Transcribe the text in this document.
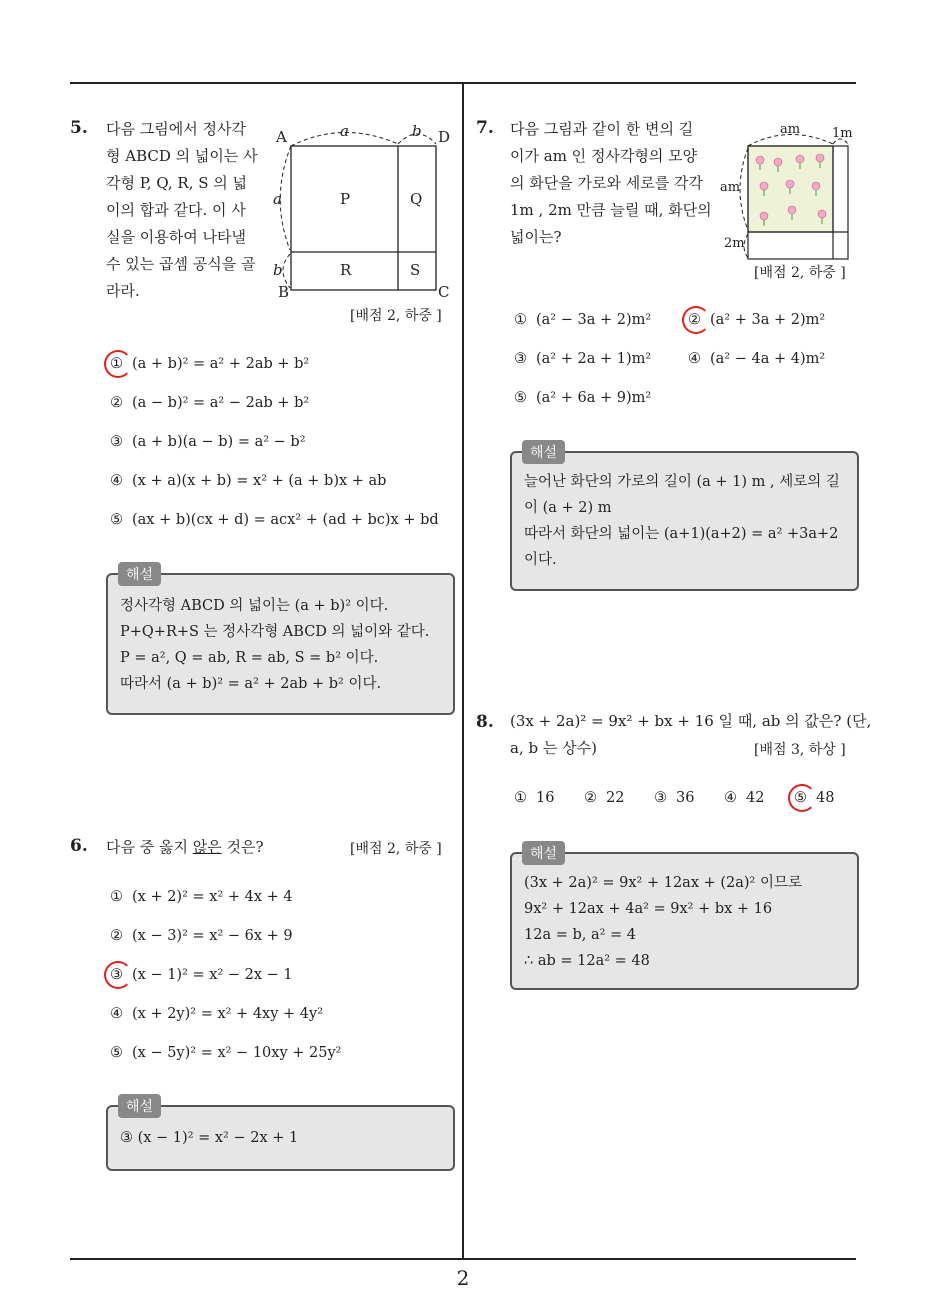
5. 다음 그림에서 정사각
형 ABCD 의 넓이는 사
각형 P, Q, R, S 의 넓
이의 합과 같다. 이 사
실을 이용하여 나타낼
수 있는 곱셈 공식을 골
라라.
A	D
B	C
a	b
a
b
P	Q
R	S
[배점 2, 하중 ]
① (a + b)² = a² + 2ab + b²
② (a − b)² = a² − 2ab + b²
③ (a + b)(a − b) = a² − b²
④ (x + a)(x + b) = x² + (a + b)x + ab
⑤ (ax + b)(cx + d) = acx² + (ad + bc)x + bd
정사각형 ABCD 의 넓이는 (a + b)² 이다.
P+Q+R+S 는 정사각형 ABCD 의 넓이와 같다.
P = a², Q = ab, R = ab, S = b² 이다.
따라서 (a + b)² = a² + 2ab + b² 이다.
해설
6. 다음 중 옳지 않은 것은?	[배점 2, 하중 ]
① (x + 2)² = x² + 4x + 4
② (x − 3)² = x² − 6x + 9
③ (x − 1)² = x² − 2x − 1
④ (x + 2y)² = x² + 4xy + 4y²
⑤ (x − 5y)² = x² − 10xy + 25y²
③ (x − 1)² = x² − 2x + 1
해설
7. 다음 그림과 같이 한 변의 길
이가 am 인 정사각형의 모양
의 화단을 가로와 세로를 각각
1m , 2m 만큼 늘릴 때, 화단의
넓이는?
am 1m
am
2m
[배점 2, 하중 ]
① (a² − 3a + 2)m²	② (a² + 3a + 2)m²
③ (a² + 2a + 1)m²	④ (a² − 4a + 4)m²
⑤ (a² + 6a + 9)m²
늘어난 화단의 가로의 길이 (a + 1) m , 세로의 길
이 (a + 2) m
따라서 화단의 넓이는 (a+1)(a+2) = a² +3a+2
이다.
해설
8. (3x + 2a)² = 9x² + bx + 16 일 때, ab 의 값은? (단,
a, b 는 상수)	[배점 3, 하상 ]
① 16 ② 22 ③ 36 ④ 42 ⑤ 48
(3x + 2a)² = 9x² + 12ax + (2a)² 이므로
9x² + 12ax + 4a² = 9x² + bx + 16
12a = b, a² = 4
∴ ab = 12a² = 48
해설
2
